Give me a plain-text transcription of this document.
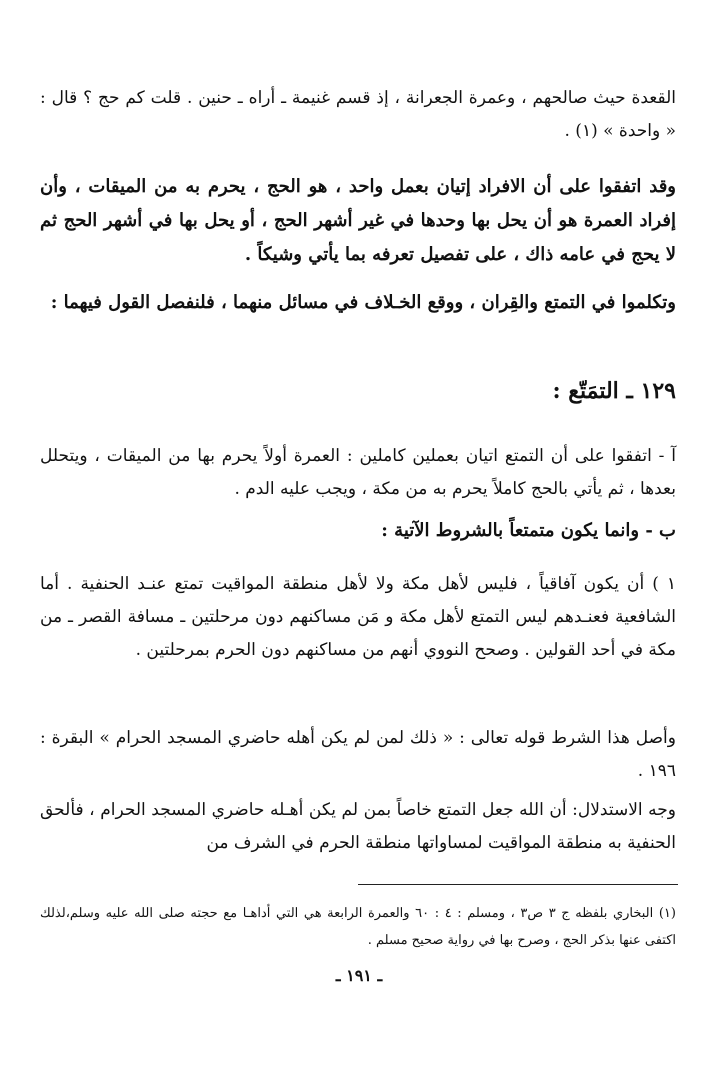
القعدة حيث صالحهم ، وعمرة الجعرانة ، إذ قسم غنيمة ـ أراه ـ حنين . قلت كم حج ؟ قال : « واحدة » (١) .

وقد اتفقوا على أن الافراد إتيان بعمل واحد ، هو الحج ، يحرم به من الميقات ، وأن إفراد العمرة هو أن يحل بها وحدها في غير أشهر الحج ، أو يحل بها في أشهر الحج ثم لا يحج في عامه ذاك ، على تفصيل تعرفه بما يأتي وشيكاً .

وتكلموا في التمتع والقِران ، ووقع الخـلاف في مسائل منهما ، فلنفصل القول فيهما :

١٢٩ ـ التمَتّع :

آ - اتفقوا على أن التمتع اتيان بعملين كاملين : العمرة أولاً يحرم بها من الميقات ، ويتحلل بعدها ، ثم يأتي بالحج كاملاً يحرم به من مكة ، ويجب عليه الدم .

ب - وانما يكون متمتعاً بالشروط الآتية :

١ ) أن يكون آفاقياً ، فليس لأهل مكة ولا لأهل منطقة المواقيت تمتع عنـد الحنفية . أما الشافعية فعنـدهم ليس التمتع لأهل مكة و مَن مساكنهم دون مرحلتين ـ مسافة القصر ـ من مكة في أحد القولين . وصحح النووي أنهم من مساكنهم دون الحرم بمرحلتين .

وأصل هذا الشرط قوله تعالى : « ذلك لمن لم يكن أهله حاضري المسجد الحرام » البقرة : ١٩٦ .

وجه الاستدلال: أن الله جعل التمتع خاصاً بمن لم يكن أهـله حاضري المسجد الحرام ، فألحق الحنفية به منطقة المواقيت لمساواتها منطقة الحرم في الشرف من

(١) البخاري بلفظه ج ٣ ص٣ ، ومسلم : ٤ : ٦٠ والعمرة الرابعة هي التي أداهـا مع حجته صلى الله عليه وسلم،لذلك اكتفى عنها بذكر الحج ، وصرح بها في رواية صحيح مسلم .

ـ ١٩١ ـ
